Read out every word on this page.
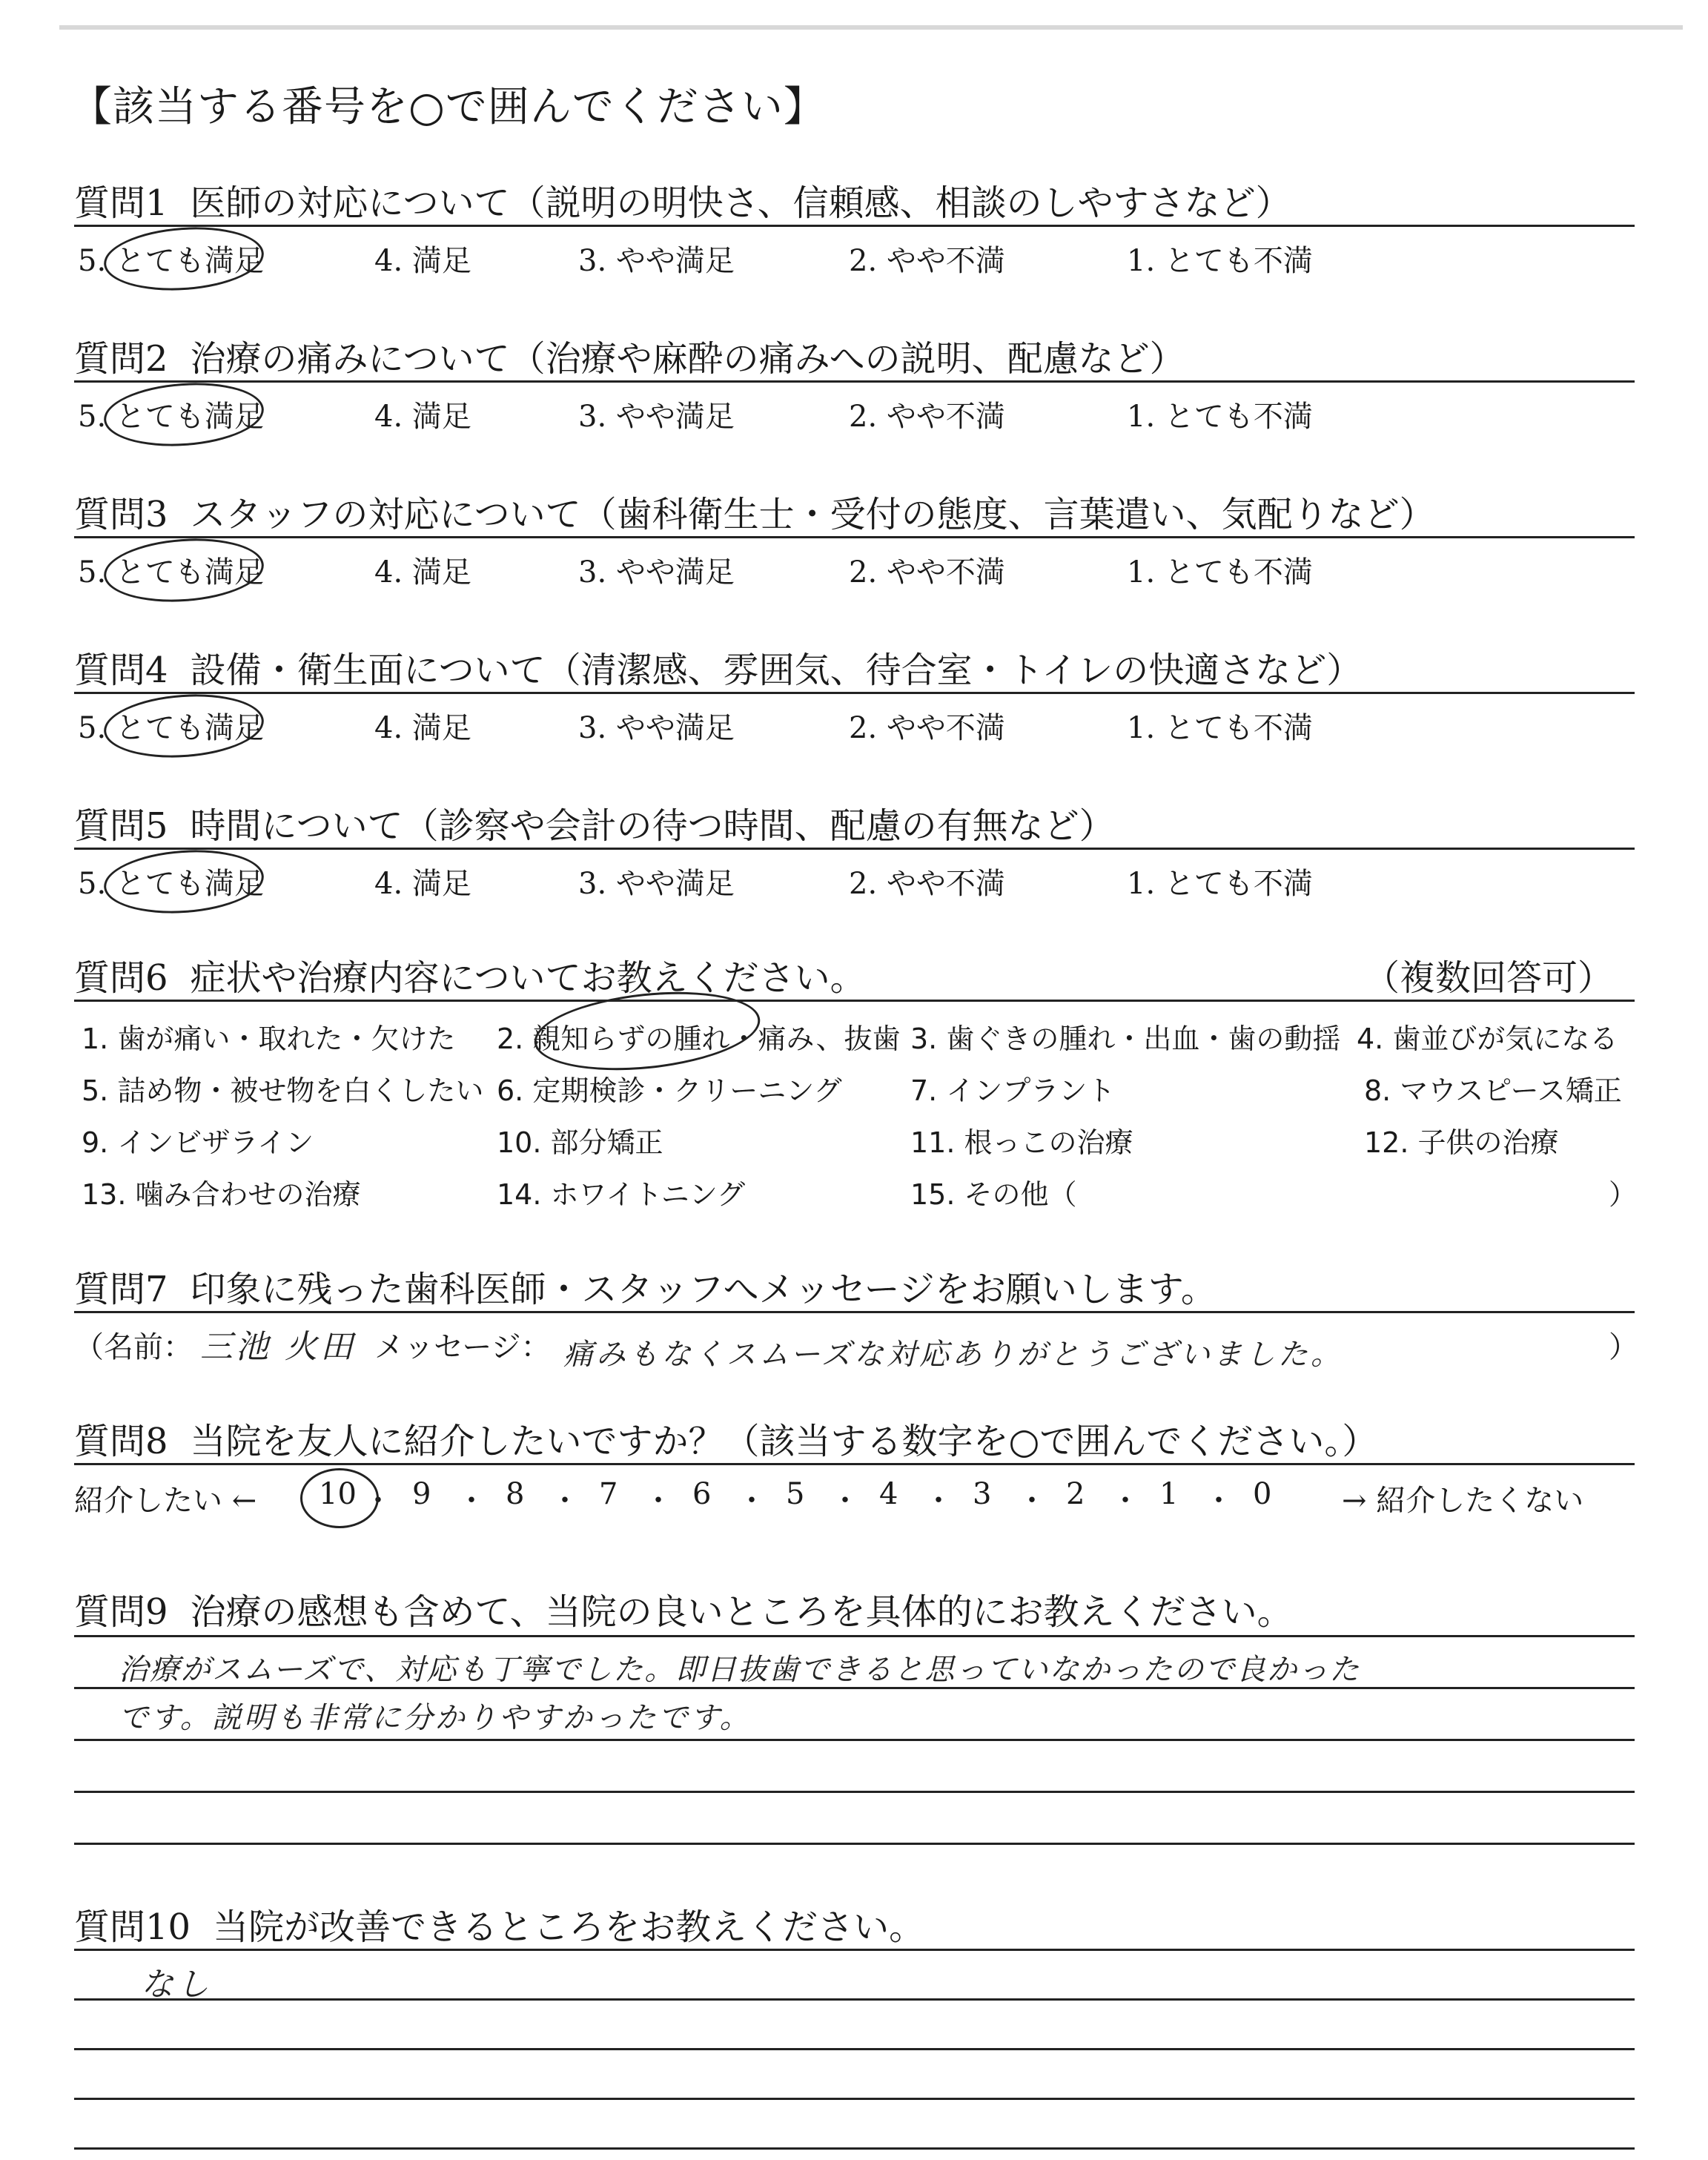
【該当する番号を○で囲んでください】
質問1 医師の対応について（説明の明快さ、信頼感、相談のしやすさなど）
5. とても満足	4. 満足	3. やや満足	2. やや不満	1. とても不満
質問2 治療の痛みについて（治療や麻酔の痛みへの説明、配慮など）
5. とても満足	4. 満足	3. やや満足	2. やや不満	1. とても不満
質問3 スタッフの対応について（歯科衛生士・受付の態度、言葉遣い、気配りなど）
5. とても満足	4. 満足	3. やや満足	2. やや不満	1. とても不満
質問4 設備・衛生面について（清潔感、雰囲気、待合室・トイレの快適さなど）
5. とても満足	4. 満足	3. やや満足	2. やや不満	1. とても不満
質問5 時間について（診察や会計の待つ時間、配慮の有無など）
5. とても満足	4. 満足	3. やや満足	2. やや不満	1. とても不満
質問6 症状や治療内容についてお教えください。	（複数回答可）
1. 歯が痛い・取れた・欠けた 2. 親知らずの腫れ・痛み、抜歯 3. 歯ぐきの腫れ・出血・歯の動揺 4. 歯並びが気になる
5. 詰め物・被せ物を白くしたい 6. 定期検診・クリーニング 7. インプラント	8. マウスピース矯正
9. インビザライン	10. 部分矯正	11. 根っこの治療	12. 子供の治療
13. 噛み合わせの治療	14. ホワイトニング	15. その他（	）
質問7 印象に残った歯科医師・スタッフへメッセージをお願いします。
（名前： 三池 火田 メッセージ： 痛みもなくスムーズな対応ありがとうございました。	）
質問8 当院を友人に紹介したいですか？（該当する数字を○で囲んでください。）
紹介したい ←	→ 紹介したくない
10 ・ 9 ・ 8 ・ 7 ・ 6 ・ 5 ・ 4 ・ 3 ・ 2 ・ 1 ・ 0
質問9 治療の感想も含めて、当院の良いところを具体的にお教えください。
治療がスムーズで、対応も丁寧でした。即日抜歯できると思っていなかったので良かった
です。説明も非常に分かりやすかったです。
質問10 当院が改善できるところをお教えください。
なし
